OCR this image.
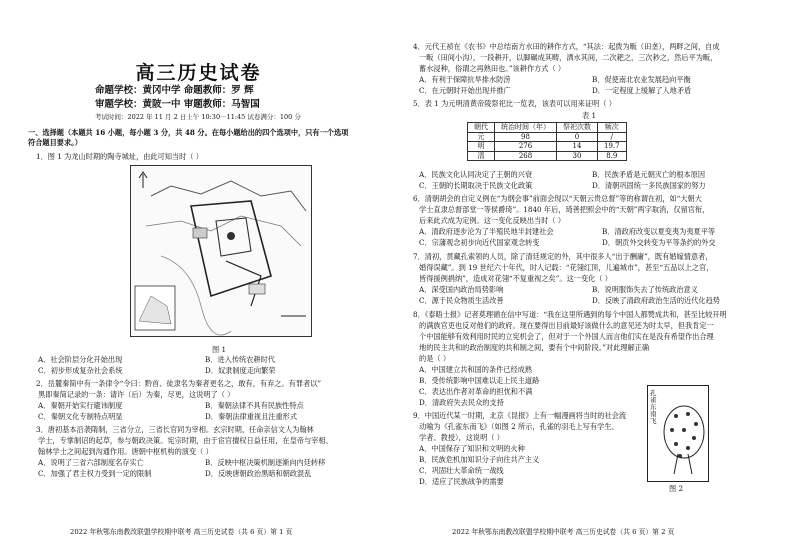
高三历史试卷
命题学校：黄冈中学 命题教师：罗 辉
审题学校：黄陂一中 审题教师：马智国
考试时间：2022 年 11 月 2 日上午 10:30－11:45 试卷满分：100 分
一、选择题（本题共 16 小题，每小题 3 分，共 48 分。在每小题给出的四个选项中，只有一个选项
符合题目要求。）
1．图 1 为龙山时期的陶寺城址，由此可知当时（ ）
图 1
A．社会阶层分化开始出现	B．进入传统农耕时代
C．初步形成复杂社会系统	D．奴隶制度走向繁荣
2．岳麓秦简中有一条律令“令曰：黔首、徒隶名为秦者更名之，敢有，有弃之。有罪者以”
黑即秦简记录的一条：请许（后）为秦，尽更，这说明了（ ）
A．秦朝开始实行避讳制度	B．秦朝法律不具有民族性特点
C．秦朝文化专制特点明显	D．秦朝法律重视且注重形式
3．唐初基本沿袭隋制，三省分立，三省长官同为宰相。玄宗时期，任命亲信文人为翰林
学士，专掌制诏的起草，参与朝政决策。宪宗时期，由于宦官擅权日益任用，在皇帝与宰相、
翰林学士之间起到沟通作用。唐朝中枢机构的演变（ ）
A．说明了三省六部制度名存实亡	B．反映中枢决策机制逐渐向内廷转移
C．加强了君主权力受到一定的限制	D．反映唐朝政治黑暗和朝政混乱
2022 年秋鄂东南教改联盟学校期中联考 高三历史试卷（共 6 页）第 1 页
4．元代王祯在《农书》中总结南方水田的耕作方式，“其法：起拨为畈（田垄），两畔之间，自成
一畈（田间小沟），一段耕开，以脚碾成其畴，洒水其间，二次耙之，三次耖之，然后平为畈，
蓄水浸种，俗谓之再熟田也。”该耕作方式（ ）
A．有利于保障抗旱排水防涝	B．促使南北农业发展趋向平衡
C．在元朝时开始出现并推广	D．一定程度上缓解了人地矛盾
5．表 1 为元明清黄帝陵祭祀比一览表，该表可以用来证明（ ）
表 1
朝代	统治时间（年）	祭祀次数	频次
元	98	0	/
明	276	14	19.7
清	268	30	8.9
A．民族文化认同决定了王朝的兴衰	B．民族矛盾是元朝灭亡的根本原因
C．王朝的长期取决于民族文化政策	D．清朝巩固统一多民族国家的努力
6．清朝胡会的自定义例在“为纲会事”前面会现以“天朝云贵总督”等的称谓在初，如“大朝大
学士直隶总督部堂一等侯爵琦”。1840 年后，琦善把照会中的“天朝”两字取消，仅留官衔，
后来此式成为定例。这一变化反映出当时（ ）
A．清政府逐步沦为了半殖民地半封建社会	B．清政府改变以夏变夷为夷夏平等
C．宗藩观念初步向近代国家观念转变	D．朝贡外交转变为平等条约的外交
7．清初，贯藏孔索领的人员，除了清廷规定的外，其中很多人“出于酬庸”，既有婚嫁情意者，
婚得误藏”。到 19 世纪六十年代，时人记载：“花翎红顶，儿遍城市”，甚至“五品以上之官，
皆得援例捐纳”，造成对花翎“不复重视之矣”。这一变化（ ）
A．深受国内政治局势影响	B．说明服饰失去了传统政治意义
C．源于民众物质生活改善	D．反映了清政府政治生活的近代化趋势
8．《泰晤士报》记者莫理循在信中写道：“我在这里所遇到的每个中国人都赞成共和，甚至比较开明
的满族官吏也反对他们的政府。现在要得出目前最好该做什么的意见还为时太早，但我肯定一
个中国能够有效利用时民的立宪机会了，但对于一个外国人而言他们实在是没有希望作出合理
地的民主共和的政治制度的共和制之间，要有个中间阶段。”对此理解正确
的是（ ）
A．中国建立共和国的条件已经成熟
B．受传统影响中国难以走上民主道路
C．表达出作者对革命的担忧和不满
D．清政府失去民众的支持
9．中国近代某一时期，北京《昆报》上有一幅漫画将当时的社会流
动喻为《孔雀东南飞》（如图 2 所示，孔雀的羽毛上写有学生、
学者、教授），这说明（ ）
A．中国保存了知识和文明的火种
B．民族危机加知识分子向往共产主义
C．巩固壮大革命统一战线
D．适应了民族战争的需要
孔雀东南飞
图 2
2022 年秋鄂东南教改联盟学校期中联考 高三历史试卷（共 6 页）第 2 页
